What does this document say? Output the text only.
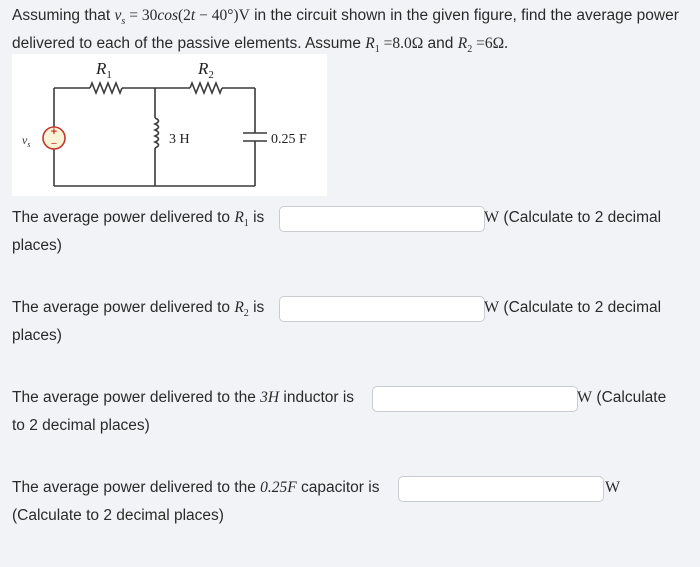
Assuming that $v_s = 30\cos(2t - 40^\circ)V$ in the circuit shown in the given figure, find the average power delivered to each of the passive elements. Assume $R_1 =8.0\Omega$ and $R_2 =6\Omega$.
+
−
$v_s$
$R_1$	$R_2$
3 H	0.25 F
The average power delivered to $R_1$ is	W (Calculate to 2 decimal
places)
The average power delivered to $R_2$ is	W (Calculate to 2 decimal
places)
The average power delivered to the 3H inductor is	W (Calculate
to 2 decimal places)
The average power delivered to the 0.25F capacitor is	W
(Calculate to 2 decimal places)
